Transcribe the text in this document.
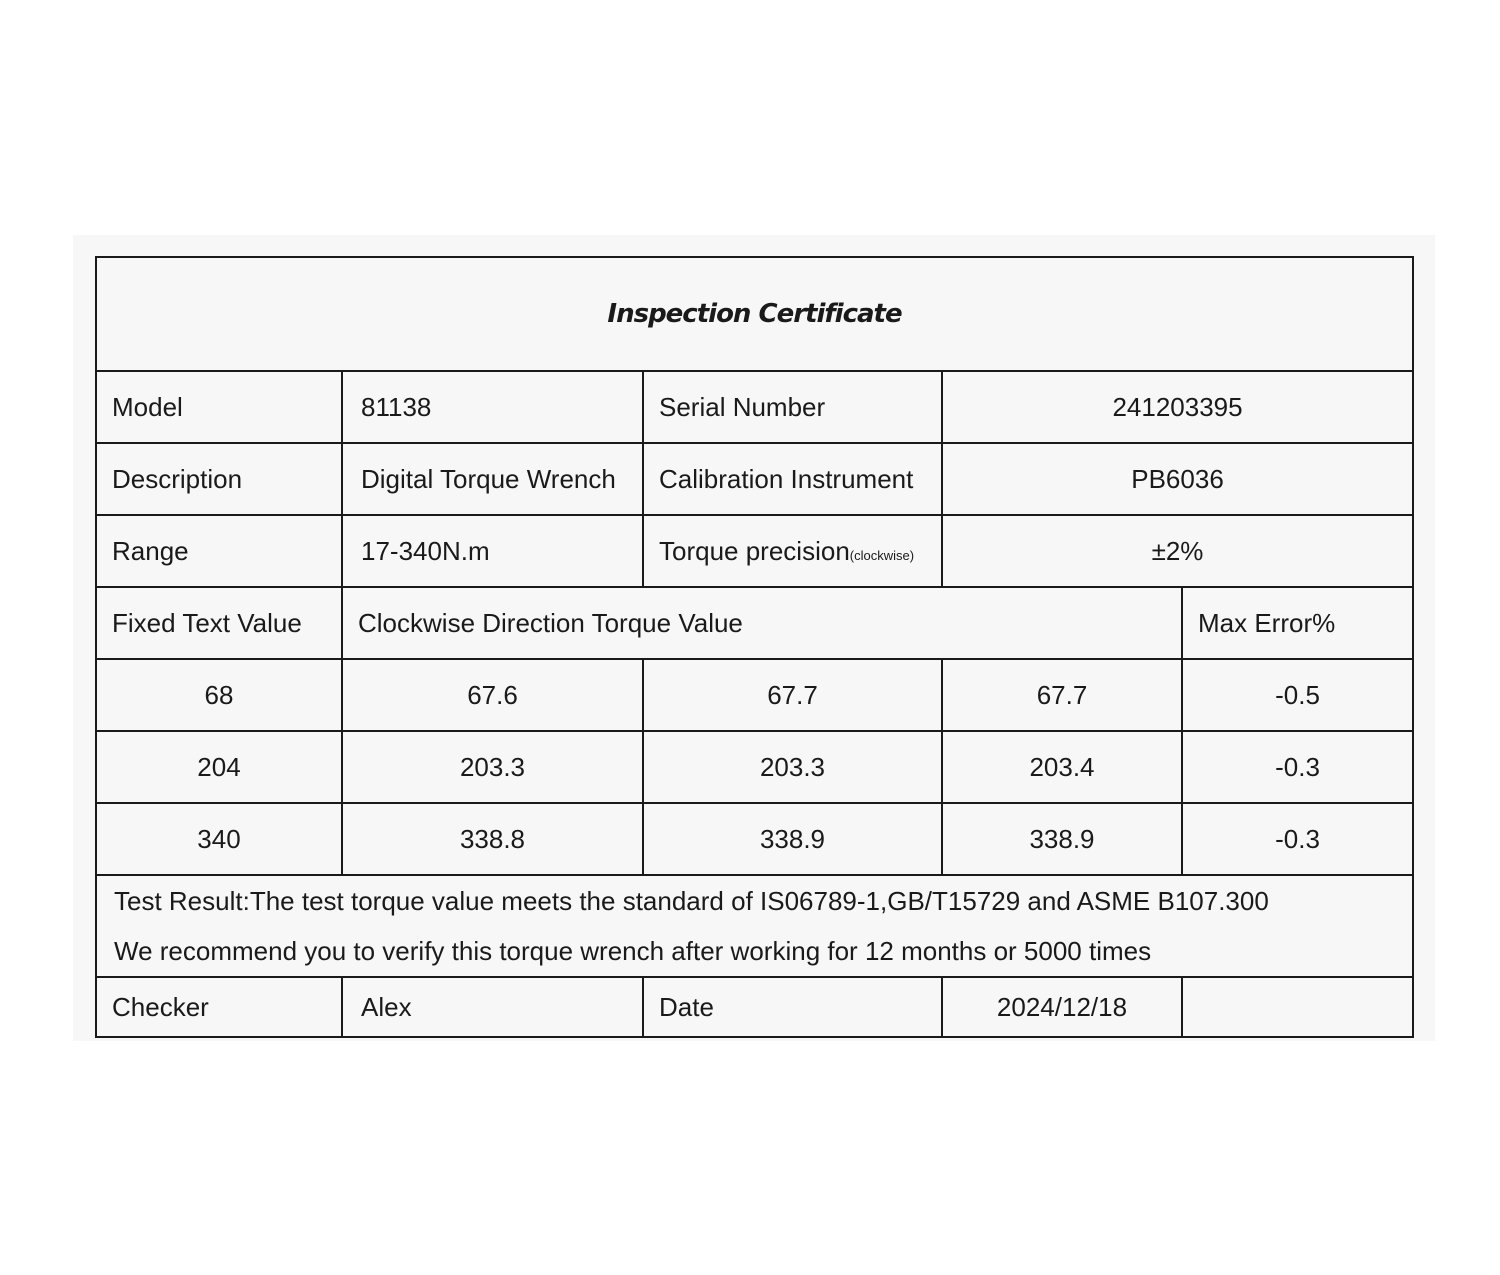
Inspection Certificate				
Model	81138	Serial Number	241203395	
Description	Digital Torque Wrench	Calibration Instrument	PB6036	
Range	17-340N.m	Torque precision(clockwise)	±2%	
Fixed Text Value	Clockwise Direction Torque Value			Max Error%
68	67.6	67.7	67.7	-0.5
204	203.3	203.3	203.4	-0.3
340	338.8	338.9	338.9	-0.3

Test Result:The test torque value meets the standard of IS06789-1,GB/T15729 and ASME B107.300
We recommend you to verify this torque wrench after working for 12 months or 5000 times				

Checker	Alex	Date	2024/12/18	
